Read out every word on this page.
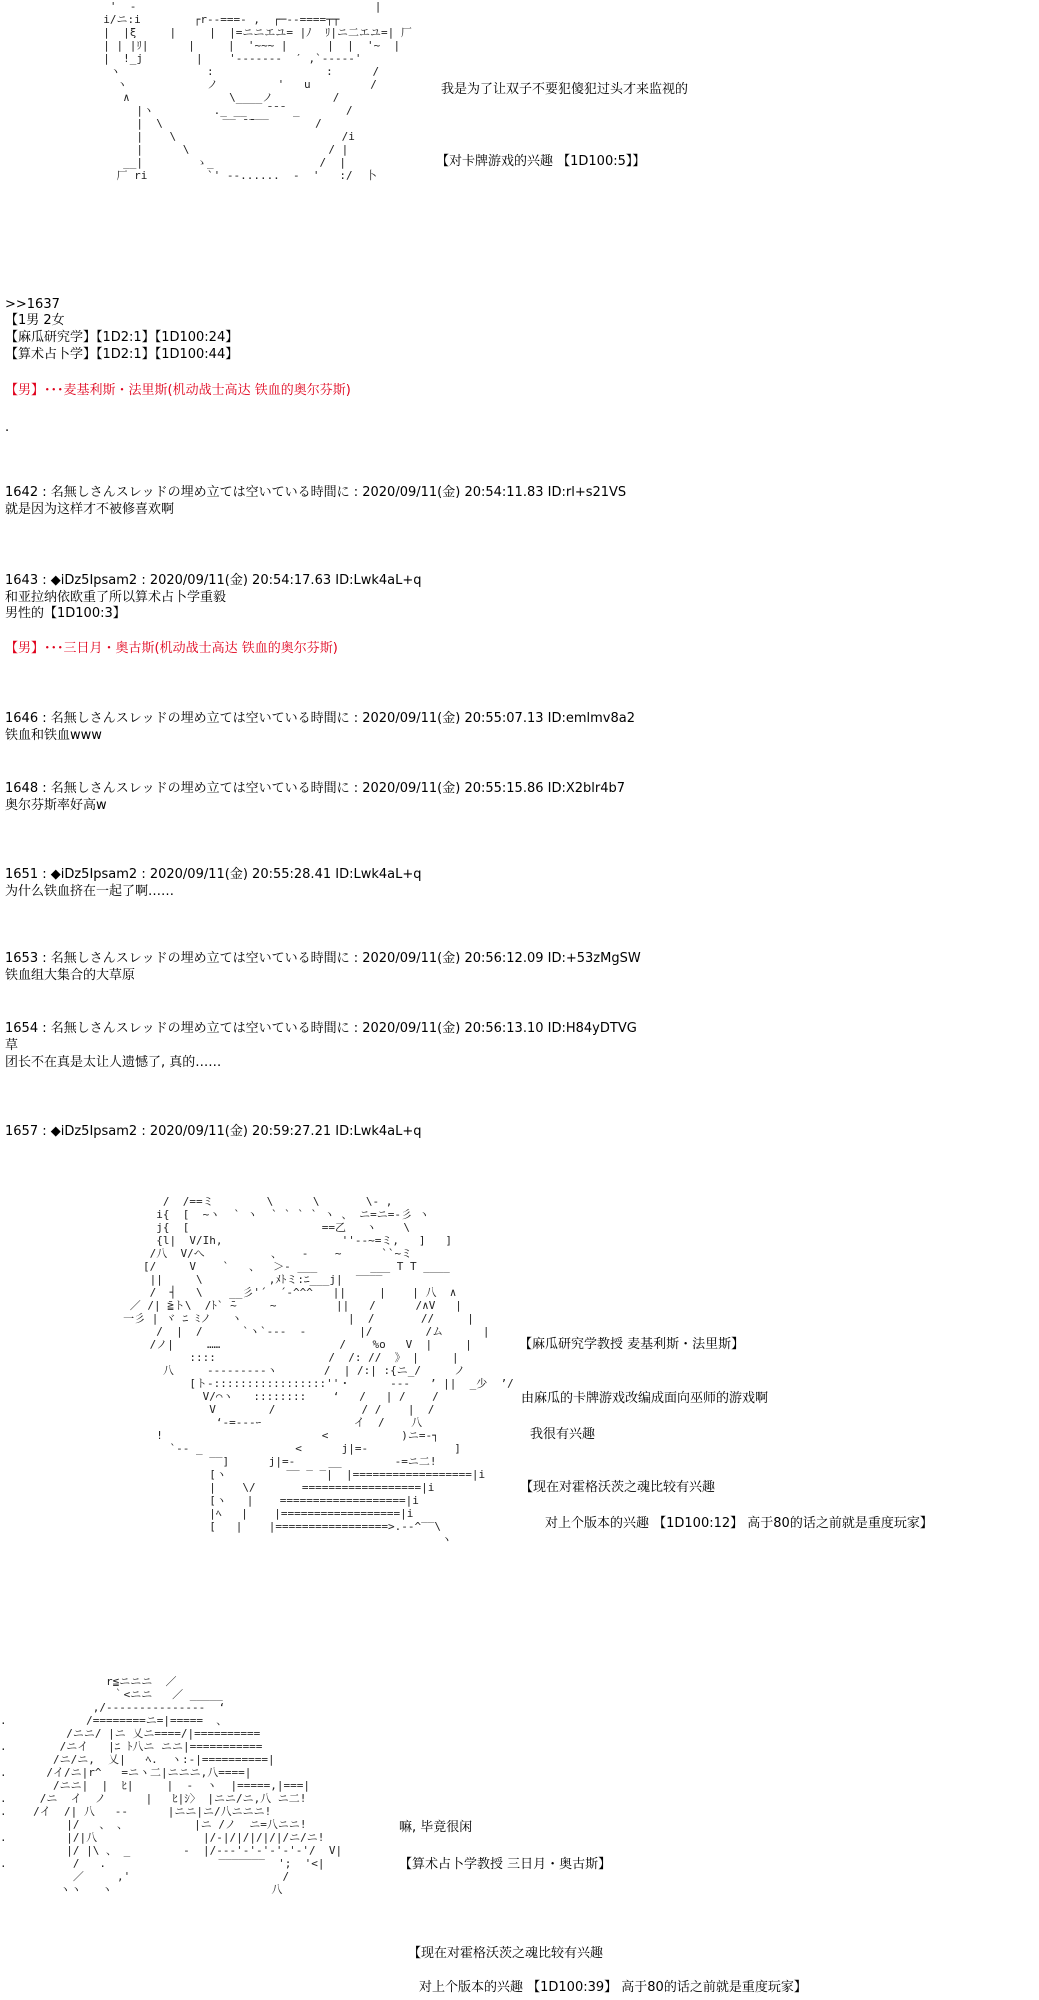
'  -                                    |
i/ニ:i        ┌r-‐===- ,  ┌─‐-====┬┬
|  |ξ     |     |  |=ニニエユ= |ﾉ  ﾘ|ニ二エユ=| 厂
| | |ﾘ|      |     |  '~~~ |      |  |  '~  |
|  !_j        |    '-------  ′ ,`-----'
ヽ             :                 :      /
ヽ            ノ         '   u         /
∧               \____ノ         /
|ヽ         ._ __   ̄ ̄ ̄  _       /
|  \         ‾‾ ̄ ̄‾‾‾       /
|    \                         /i
|      \                     / |
__|        ゝ_                /  |
厂 ri         `' ‐-......  -  '   :/  卜
/  /==ミ        \      \       \- ,
i{  [  ~ヽ  ` ヽ  ` ` ` ` ヽ 、 ニ=ニ=-彡 ヽ
j{  [                    ==乙   ヽ    \
{l|  V/Ih,                  ''‐-~=ミ,   ]   ]
/八  V/へ          、   -    ~      ``~ミ
[/     V    `   、  ＞‐ ___        ___ T T ____
||     \          ,ﾒﾄミ:ﾆ___j|  ‾‾‾‾
/  ┤   \    __彡'´  ´-^^^   ||     |    | 八  ∧
／ /| ̄≧ト\  /ﾄ` ̄~     ~         ||   /      /∧V   |
一彡 | ヾ ﾆ ﾐノ   ヽ                |  /       //     |
/  |  /      `ヽ`---  -        |/        /ム      |
/ノ|     ……                  /    %o   V  |     |
::::                 /  /: //  》 |     |
八     -------‐-ヽ       /  | /:| :{ニ_/     ノ
[ト-:::::::::::::::::''・      ---   ’ ||  _少  ’/
V/⌒ヽ   ::::::::    ‘   /   | /    /
V        /             / /    |  /
‘-=---ｰ              イ  /    八
!                        <           )ニ=-┐
`-- _              <      j|=-             ]
‾‾]      j|=-     __        -=ニ二!
[ヽ         ‾‾ ‾ ‾|  |==================|i
|    \/       ==================|i
[ヽ   |    ===================|i
|ﾍ   |    |==================|i
[   |    |=================>.-‐^‾‾\
ヽ
r≦ニニニ  ／
｀<ニニ   ／ _____
,/-‐‐‐‐‐‐‐‐‐‐‐‐‐‐  ‘
.            /========ニ=|=====  、
/ニニ/ |ニ 乂ニ====/|==========
.        /ニイ   |ﾆ ﾄ八ニ ニニ|===========
/ニ/ニ,  乂|   ﾍ.  ヽ:-|==========|
.      /イ/ニ|r^   =ニヽ二|ニニニ,八====|
/ニニ|  |  ﾋ|     |  ‐  ヽ  |=====,|===|
.     /ニ  イ  ノ      |   ﾋ|ｼ〉 |ニニ/ニ,八 ニ二!
.    /イ  /| 八   ‐‐      |ニニ|ニ/八ニニニ!
|/   、 、          |ニ /ノ  ニ=八ニニ!
.         |/|八                |/-|/|/|/|/|/ニ/ニ!
|/ |\ 、 _        -  |/--‐'‐'‐'‐'‐'‐'/  V|
.          /   .                 ‾‾‾‾‾‾‾  ';  '<|
／     ,'                       /
ヽヽ   ヽ                        八
我是为了让双子不要犯傻犯过头才来监视的
【对卡牌游戏的兴趣 【1D100:5】】
>>1637
【1男 2女
【麻瓜研究学】【1D2:1】【1D100:24】
【算术占卜学】【1D2:1】【1D100:44】
【男】･･･麦基利斯・法里斯(机动战士高达 铁血的奥尔芬斯)
.
1642 : 名無しさんスレッドの埋め立ては空いている時間に : 2020/09/11(金) 20:54:11.83 ID:rl+s21VS
就是因为这样才不被修喜欢啊
1643 : ◆iDz5Ipsam2 : 2020/09/11(金) 20:54:17.63 ID:Lwk4aL+q
和亚拉纳依欧重了所以算术占卜学重毅
男性的【1D100:3】
【男】･･･三日月・奥古斯(机动战士高达 铁血的奥尔芬斯)
1646 : 名無しさんスレッドの埋め立ては空いている時間に : 2020/09/11(金) 20:55:07.13 ID:emlmv8a2
铁血和铁血www
1648 : 名無しさんスレッドの埋め立ては空いている時間に : 2020/09/11(金) 20:55:15.86 ID:X2blr4b7
奥尔芬斯率好高w
1651 : ◆iDz5Ipsam2 : 2020/09/11(金) 20:55:28.41 ID:Lwk4aL+q
为什么铁血挤在一起了啊……
1653 : 名無しさんスレッドの埋め立ては空いている時間に : 2020/09/11(金) 20:56:12.09 ID:+53zMgSW
铁血组大集合的大草原
1654 : 名無しさんスレッドの埋め立ては空いている時間に : 2020/09/11(金) 20:56:13.10 ID:H84yDTVG
草
团长不在真是太让人遗憾了, 真的……
1657 : ◆iDz5Ipsam2 : 2020/09/11(金) 20:59:27.21 ID:Lwk4aL+q
【麻瓜研究学教授 麦基利斯・法里斯】
由麻瓜的卡牌游戏改编成面向巫师的游戏啊
我很有兴趣
【现在对霍格沃茨之魂比较有兴趣
对上个版本的兴趣 【1D100:12】 高于80的话之前就是重度玩家】
嘛, 毕竟很闲
【算术占卜学教授 三日月・奥古斯】
【现在对霍格沃茨之魂比较有兴趣
对上个版本的兴趣 【1D100:39】 高于80的话之前就是重度玩家】
